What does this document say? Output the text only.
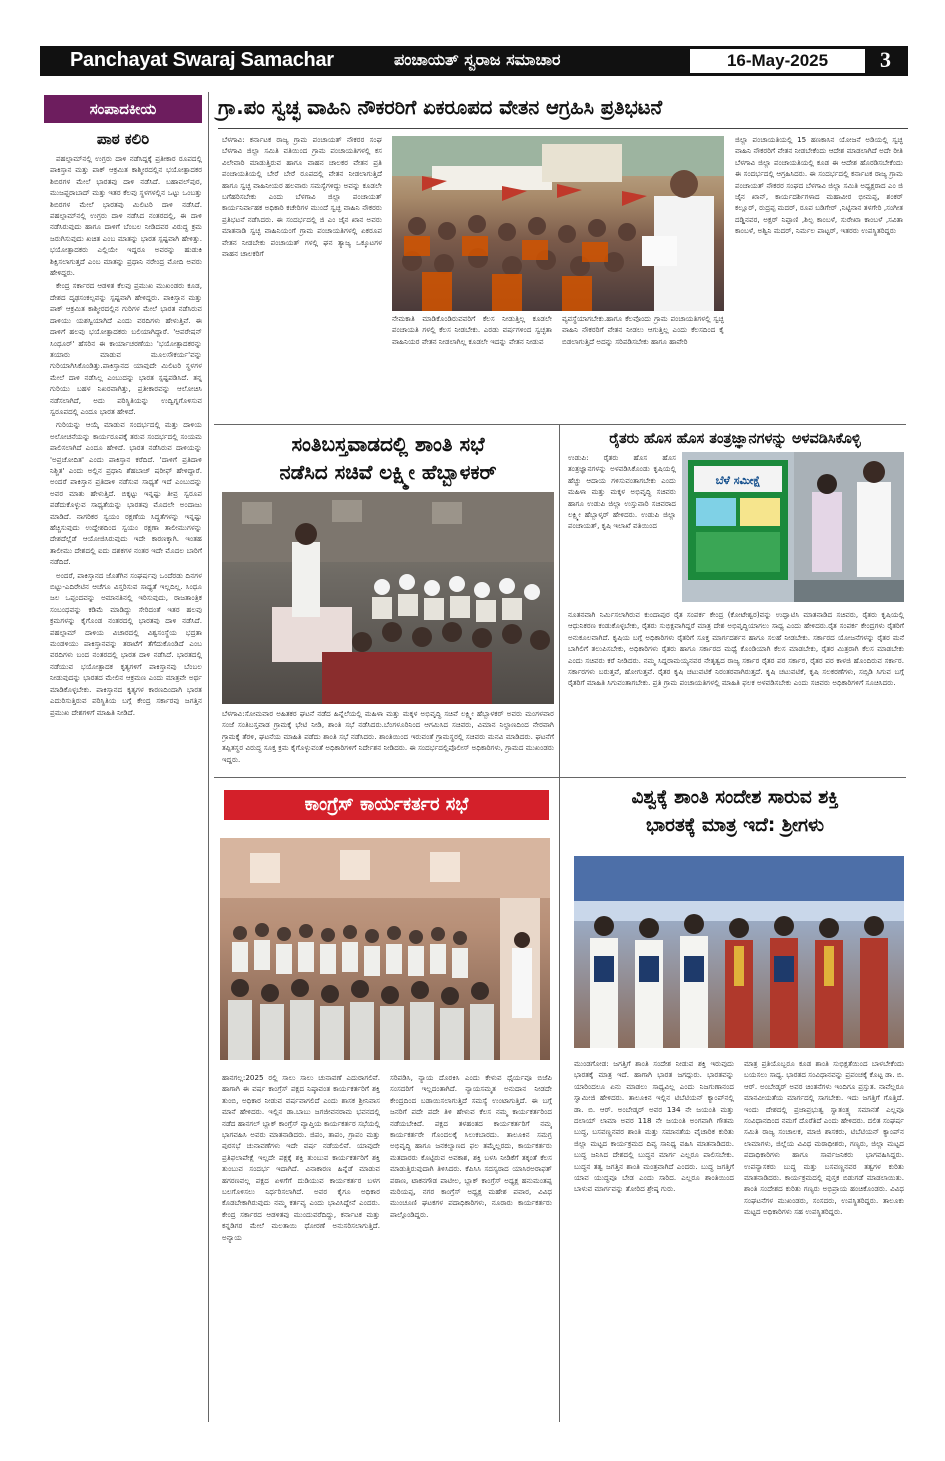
Panchayat Swaraj Samachar	ಪಂಚಾಯತ್ ಸ್ವರಾಜ ಸಮಾಚಾರ	16-May-2025	3
ಸಂಪಾದಕೀಯ
ಪಾಠ ಕಲಿರಿ

ಪಹಲ್ಗಾಮ್‌ನಲ್ಲಿ ಉಗ್ರರು ದಾಳಿ ನಡೆಸಿದ್ದಕ್ಕೆ ಪ್ರತೀಕಾರ ರೂಪದಲ್ಲಿ ಪಾಕಿಸ್ತಾನ ಮತ್ತು ಪಾಕ್ ಆಕ್ರಮಿತ ಕಾಶ್ಮೀರದಲ್ಲಿನ ಭಯೋತ್ಪಾದಕರ ಶಿಬಿರಗಳ ಮೇಲೆ ಭಾರತವು ದಾಳಿ ನಡೆಸಿದೆ. ಬಹಾವಲ್‌ಪುರ, ಮುಜಫ್ಫರಾಬಾದ್ ಮತ್ತು ಇತರ ಕೆಲವು ಸ್ಥಳಗಳಲ್ಲಿನ ಒಟ್ಟು ಒಂಬತ್ತು ಶಿಬಿರಗಳ ಮೇಲೆ ಭಾರತವು ಮಿಲಿಟರಿ ದಾಳಿ ನಡೆಸಿದೆ. ಪಹಲ್ಗಾಮ್‌ನಲ್ಲಿ ಉಗ್ರರು ದಾಳಿ ನಡೆಸಿದ ನಂತರದಲ್ಲಿ, ಈ ದಾಳಿ ನಡೆಸಿರುವುದು ಹಾಗೂ ದಾಳಿಗೆ ಬೆಂಬಲ ನೀಡಿದವರ ವಿರುದ್ಧ ಕ್ರಮ ಜರುಗಿಸುವುದು ಖಚಿತ ಎಂಬ ಮಾತನ್ನು ಭಾರತ ಸ್ಪಷ್ಟವಾಗಿ ಹೇಳಿತ್ತು. ಭಯೋತ್ಪಾದಕರು ಎಲ್ಲಿಯೇ ಇದ್ದರೂ ಅವರನ್ನು ಹುಡುಕಿ ಶಿಕ್ಷಿಸಲಾಗುತ್ತದೆ ಎಂಬ ಮಾತನ್ನು ಪ್ರಧಾನಿ ನರೇಂದ್ರ ಮೋದಿ ಅವರು ಹೇಳಿದ್ದರು.

ಕೇಂದ್ರ ಸರ್ಕಾರದ ಆಡಳಿತ ಕೆಲವು ಪ್ರಮುಖ ಮುಖಂಡರು ಕೂಡ, ದೇಶದ ದೃಢಸಂಕಲ್ಪವನ್ನು ಸ್ಪಷ್ಟವಾಗಿ ಹೇಳಿದ್ದರು. ಪಾಕಿಸ್ತಾನ ಮತ್ತು ಪಾಕ್ ಆಕ್ರಮಿತ ಕಾಶ್ಮೀರದಲ್ಲಿನ ಗುರಿಗಳ ಮೇಲೆ ಭಾರತ ನಡೆಸಿರುವ ದಾಳಿಯು ಯಶಸ್ವಿಯಾಗಿದೆ ಎಂದು ವರದಿಗಳು ಹೇಳುತ್ತಿವೆ. ಈ ದಾಳಿಗೆ ಹಲವು ಭಯೋತ್ಪಾದಕರು ಬಲಿಯಾಗಿದ್ದಾರೆ. 'ಆಪರೇಷನ್ ಸಿಂಧೂರ್' ಹೆಸರಿನ ಈ ಕಾರ್ಯಾಚರಣೆಯು 'ಭಯೋತ್ಪಾದಕರನ್ನು ತಯಾರು ಮಾಡುವ ಮೂಲಸೌಕರ್ಯ'ವನ್ನು ಗುರಿಯಾಗಿಸಿಕೊಂಡಿತ್ತು.ಪಾಕಿಸ್ತಾನದ ಯಾವುದೇ ಮಿಲಿಟರಿ ಸ್ಥಳಗಳ ಮೇಲೆ ದಾಳಿ ನಡೆಸಿಲ್ಲ ಎಂಬುದನ್ನು ಭಾರತ ಸ್ಪಷ್ಟಪಡಿಸಿದೆ. ತನ್ನ ಗುರಿಯು ಬಹಳ ನಿಖರವಾಗಿತ್ತು, ಪ್ರತೀಕಾರವನ್ನು ಆಲೋಚಿಸಿ ನಡೆಸಲಾಗಿದೆ, ಅದು ಪರಿಸ್ಥಿತಿಯನ್ನು ಉದ್ವಿಗ್ನಗೊಳಿಸುವ ಸ್ವರೂಪದಲ್ಲಿ ಎಂದೂ ಭಾರತ ಹೇಳಿದೆ.

ಗುರಿಯನ್ನು ಆಯ್ಕೆ ಮಾಡುವ ಸಂದರ್ಭದಲ್ಲಿ ಮತ್ತು ದಾಳಿಯ ಅಲೋಚನೆಯನ್ನು ಕಾರ್ಯರೂಪಕ್ಕೆ ತರುವ ಸಂದರ್ಭದಲ್ಲಿ ಸಂಯಮ ಪಾಲಿಸಲಾಗಿದೆ ಎಂದೂ ಹೇಳಿದೆ. ಭಾರತ ನಡೆಸಿರುವ ದಾಳಿಯನ್ನು 'ಅಪ್ರಚೋದಿತ' ಎಂದು ಪಾಕಿಸ್ತಾನ ಕರೆದಿದೆ. 'ದಾಳಿಗೆ ಪ್ರತಿದಾಳಿ ನಿಶ್ಚಿತ' ಎಂದು ಅಲ್ಲಿನ ಪ್ರಧಾನಿ ಶೆಹಬಾಜ್ ಷರೀಫ್ ಹೇಳಿದ್ದಾರೆ. ಅಂದರೆ ಪಾಕಿಸ್ತಾನ ಪ್ರತಿದಾಳಿ ನಡೆಸುವ ಸಾಧ್ಯತೆ ಇದೆ ಎಂಬುದನ್ನು ಅವರ ಮಾತು ಹೇಳುತ್ತಿದೆ. ಬಿಕ್ಕಟ್ಟು ಇನ್ನಷ್ಟು ತೀವ್ರ ಸ್ವರೂಪ ಪಡೆದುಕೊಳ್ಳುವ ಸಾಧ್ಯತೆಯನ್ನು ಭಾರತವು ಮೊದಲೇ ಅಂದಾಜು ಮಾಡಿದೆ. ನಾಗರಿಕರ ಸ್ವಯಂ ರಕ್ಷಣೆಯ ಸಿದ್ಧತೆಗಳನ್ನು ಇನ್ನಷ್ಟು ಹೆಚ್ಚಿಸುವುದು ಉದ್ದೇಶದಿಂದ ಸ್ವಯಂ ರಕ್ಷಣಾ ತಾಲೀಮುಗಳನ್ನು ದೇಶದೆಲ್ಲೆಡೆ ಆಯೋಜಿಸಿರುವುದು ಇದೇ ಕಾರಣಕ್ಕಾಗಿ. ಇಂತಹ ತಾಲೀಮು ದೇಶದಲ್ಲಿ ಐದು ದಶಕಗಳ ನಂತರ ಇದೇ ಮೊದಲ ಬಾರಿಗೆ ನಡೆದಿದೆ.

ಅಂದರೆ, ಪಾಕಿಸ್ತಾನದ ಜೊತೆಗಿನ ಸಂಘರ್ಷವು ಒಂದೆರಡು ದಿನಗಳ ಬಿಟ್ಟು-ಎದಿರೇಟಿನ ಆಚೆಗೂ ವಿಸ್ತರಿಸುವ ಸಾಧ್ಯತೆ ಇಲ್ಲದಿಲ್ಲ. ಸಿಂಧೂ ಜಲ ಒಪ್ಪಂದವನ್ನು ಅಮಾನತಿನಲ್ಲಿ ಇರಿಸುವುದು, ರಾಜತಾಂತ್ರಿಕ ಸಂಬಂಧವನ್ನು ಕಡಿಮೆ ಮಾಡಿದ್ದು ಸೇರಿದಂತೆ ಇತರ ಹಲವು ಕ್ರಮಗಳನ್ನು ಕೈಗೊಂಡ ನಂತರದಲ್ಲಿ ಭಾರತವು ದಾಳಿ ನಡೆಸಿದೆ. ಪಹಲ್ಗಾಮ್ ದಾಳಿಯ ವಿಚಾರದಲ್ಲಿ ವಿಶ್ವಸಂಸ್ಥೆಯ ಭದ್ರತಾ ಮಂಡಳಿಯು ಪಾಕಿಸ್ತಾನವನ್ನು ತರಾಟೆಗೆ ತೆಗೆದುಕೊಂಡಿದೆ ಎಂಬ ವರದಿಗಳು ಬಂದ ನಂತರದಲ್ಲಿ ಭಾರತ ದಾಳಿ ನಡೆಸಿದೆ. ಭಾರತದಲ್ಲಿ ನಡೆಯುವ ಭಯೋತ್ಪಾದಕ ಕೃತ್ಯಗಳಿಗೆ ಪಾಕಿಸ್ತಾನವು ಬೆಂಬಲ ನೀಡುವುದನ್ನು ಭಾರತದ ಮೇಲಿನ ಆಕ್ರಮಣ ಎಂದು ಮಾತ್ರವೇ ಅರ್ಥ ಮಾಡಿಕೊಳ್ಳಬೇಕು. ಪಾಕಿಸ್ತಾನದ ಕೃತ್ಯಗಳ ಕಾರಣದಿಂದಾಗಿ ಭಾರತ ಎದುರಿಸುತ್ತಿರುವ ಪರಿಸ್ಥಿತಿಯ ಬಗ್ಗೆ ಕೇಂದ್ರ ಸರ್ಕಾರವು ಜಗತ್ತಿನ ಪ್ರಮುಖ ದೇಶಗಳಿಗೆ ಮಾಹಿತಿ ನೀಡಿದೆ.

ಗ್ರಾ.ಪಂ ಸ್ವಚ್ಛ ವಾಹಿನಿ ನೌಕರರಿಗೆ ಏಕರೂಪದ ವೇತನ ಆಗ್ರಹಿಸಿ ಪ್ರತಿಭಟನೆ
ಬೆಳಗಾವಿ: ಕರ್ನಾಟಕ ರಾಜ್ಯ ಗ್ರಾಮ ಪಂಚಾಯತ್ ನೌಕರರ ಸಂಘ ಬೆಳಗಾವಿ ಜಿಲ್ಲಾ ಸಮಿತಿ ವತಿಯಿಂದ ಗ್ರಾಮ ಪಂಚಾಯತಿಗಳಲ್ಲಿ ಕಸ ವಿಲೇವಾರಿ ಮಾಡುತ್ತಿರುವ ಹಾಗೂ ವಾಹನ ಚಾಲಕರ ವೇತನ ಪ್ರತಿ ಪಂಚಾಯತಿಯಲ್ಲಿ ಬೇರೆ ಬೇರೆ ರೂಪದಲ್ಲಿ ವೇತನ ನೀಡಲಾಗುತ್ತಿದೆ ಹಾಗೂ ಸ್ವಚ್ಛ ವಾಹಿನೀಯರ ಹಲವಾರು ಸಮಸ್ಯೆಗಳಿದ್ದು ಅವನ್ನು ಕೂಡಲೇ ಬಗೆಹರಿಸಬೇಕು ಎಂದು ಬೆಳಗಾವಿ ಜಿಲ್ಲಾ ಪಂಚಾಯತ್ ಕಾರ್ಯನಿರ್ವಾಹಕ ಅಧಿಕಾರಿ ಕಚೇರಿಗಳ ಮುಂದೆ ಸ್ವಚ್ಛ ವಾಹಿನಿ ನೌಕರರು ಪ್ರತಿಭಟನೆ ನಡೆಸಿದರು. ಈ ಸಂದರ್ಭದಲ್ಲಿ ಜಿ ಎಂ ಜೈನ ಖಾನ ಅವರು ಮಾತನಾಡಿ ಸ್ವಚ್ಛ ವಾಹಿನಿಯಂಗೆ ಗ್ರಾಮ ಪಂಚಾಯತಿಗಳಲ್ಲಿ ಏಕರೂಪ ವೇತನ ನೀಡಬೇಕು ಪಂಚಾಯತ್ ಗಳಲ್ಲಿ ಘನ ತ್ಯಾಜ್ಯ ಒಕ್ಕೂಟಗಳ ವಾಹನ ಚಾಲಕರಿಗೆ
ನೇಮಕಾತಿ ಮಾಡಿಕೊಂಡಿರುವವರಿಗೆ ಕೆಲಸ ನೀಡುತ್ತಿಲ್ಲ ಕೂಡಲೇ ಪಂಚಾಯತಿ ಗಳಲ್ಲಿ ಕೆಲಸ ನೀಡಬೇಕು. ಎರಡು ವರ್ಷಗಳಿಂದ ಸ್ವಚ್ಛತಾ ವಾಹಿನಿಯರ ವೇತನ ನೀಡಲಾಗಿಲ್ಲ ಕೂಡಲೇ ಇದನ್ನು ವೇತನ ನೀಡುವ
ವ್ಯವಸ್ಥೆಯಾಗಬೇಕು.ಹಾಗೂ ಕೆಲವೊಂದು ಗ್ರಾಮ ಪಂಚಾಯತಿಗಳಲ್ಲಿ ಸ್ವಚ್ಛ ವಾಹಿನಿ ನೌಕರರಿಗೆ ವೇತನ ನೀಡಲು ಆಗುತ್ತಿಲ್ಲ ಎಂದು ಕೆಲಸದಿಂದ ಕೈ ಬಿಡಲಾಗುತ್ತಿದೆ ಅದನ್ನು ಸರಿಪಡಿಸಬೇಕು ಹಾಗೂ ಹಾವೇರಿ
ಜಿಲ್ಲಾ ಪಂಚಾಯತಿಯಲ್ಲಿ 15 ಹಣಕಾಸಿನ ಯೋಜನೆ ಅಡಿಯಲ್ಲಿ ಸ್ವಚ್ಛ ವಾಹಿನಿ ನೌಕರರಿಗೆ ವೇತನ ನೀಡಬೇಕೆಂದು ಆದೇಶ ಮಾಡಲಾಗಿದೆ ಅದೇ ರೀತಿ ಬೆಳಗಾವಿ ಜಿಲ್ಲಾ ಪಂಚಾಯತಿಯಲ್ಲಿ ಕೂಡ ಈ ಆದೇಶ ಹೊರಡಿಸಬೇಕೆಂದು ಈ ಸಂದರ್ಭದಲ್ಲಿ ಆಗ್ರಹಿಸಿದರು. ಈ ಸಂದರ್ಭದಲ್ಲಿ ಕರ್ನಾಟಕ ರಾಜ್ಯ ಗ್ರಾಮ ಪಂಚಾಯತ್ ನೌಕರರ ಸಂಘದ ಬೆಳಗಾವಿ ಜಿಲ್ಲಾ ಸಮಿತಿ ಅಧ್ಯಕ್ಷರಾದ ಎಂ ಜಿ ಜೈನ ಖಾನ್, ಕಾರ್ಯದರ್ಶಿಗಳಾದ ಮಹಾವೀರ ಭೀಮಪ್ಪ, ಶಂಕರ್ ಕಲ್ಲೂರ್, ರುದ್ರಪ್ಪ ಮದರ್, ರೂಪ ಬಡಿಗೇರ್ ,ನಿಟ್ಟಿನಾನ ತಳಗೇರಿ ,ಸಂಗೀತ ದಡ್ಡಿನವರ, ಅಕ್ಷರ್ ನಿಪ್ಪಾಣಿ ,ಶಿಲ್ಪ ಕಾಂಬಳೆ, ಸುರೇಖಾ ಕಾಂಬಳೆ ,ಸವಿತಾ ಕಾಂಬಳೆ, ಅಶ್ವಿನಿ ಮದರ್, ನಿರ್ಮಲ ಪಾಟ್ಟರ್, ಇತರರು ಉಪಸ್ಥಿತರಿದ್ದರು
ಸಂತಿಬಸ್ತವಾಡದಲ್ಲಿ ಶಾಂತಿ ಸಭೆ
ನಡೆಸಿದ ಸಚಿವೆ ಲಕ್ಷ್ಮೀ ಹೆಬ್ಬಾಳಕರ್
ಬೆಳಗಾವಿ:ಸೋಮವಾರ ಅಹಿತಕರ ಘಟನೆ ನಡೆದ ಹಿನ್ನೆಲೆಯಲ್ಲಿ ಮಹಿಳಾ ಮತ್ತು ಮಕ್ಕಳ ಅಭಿವೃದ್ಧಿ ಸಚಿವೆ ಲಕ್ಷ್ಮೀ ಹೆಬ್ಬಾಳಕರ್ ಅವರು ಮಂಗಳವಾರ ಸಂಜೆ ಸಂತಿಬಸ್ತವಾಡ ಗ್ರಾಮಕ್ಕೆ ಭೇಟಿ ನೀಡಿ, ಶಾಂತಿ ಸಭೆ ನಡೆಸಿದರು.ಬೆಂಗಳೂರಿನಿಂದ ಆಗಮಿಸಿದ ಸಚಿವರು, ವಿಮಾನ ನಿಲ್ದಾಣದಿಂದ ನೇರವಾಗಿ ಗ್ರಾಮಕ್ಕೆ ತೆರಳಿ, ಘಟನೆಯ ಮಾಹಿತಿ ಪಡೆದು ಶಾಂತಿ ಸಭೆ ನಡೆಸಿದರು. ಶಾಂತಿಯಿಂದ ಇರುವಂತೆ ಗ್ರಾಮಸ್ಥರಲ್ಲಿ ಸಚಿವರು ಮನವಿ ಮಾಡಿದರು. ಘಟನೆಗೆ ತಪ್ಪಿತಸ್ಥರ ವಿರುದ್ಧ ಸೂಕ್ತ ಕ್ರಮ ಕೈಗೊಳ್ಳುವಂತೆ ಅಧಿಕಾರಿಗಳಿಗೆ ನಿರ್ದೇಶನ ನೀಡಿದರು. ಈ ಸಂದರ್ಭದಲ್ಲಿಪೊಲೀಸ್ ಅಧಿಕಾರಿಗಳು, ಗ್ರಾಮದ ಮುಖಂಡರು ಇದ್ದರು.
ರೈತರು ಹೊಸ ಹೊಸ ತಂತ್ರಜ್ಞಾನಗಳನ್ನು ಅಳವಡಿಸಿಕೊಳ್ಳಿ
ಉಡುಪಿ: ರೈತರು ಹೊಸ ಹೊಸ ತಂತ್ರಜ್ಞಾನಗಳನ್ನು ಅಳವಡಿಸಿಕೊಂಡು ಕೃಷಿಯಲ್ಲಿ ಹೆಚ್ಚು ಆದಾಯ ಗಳಿಸುವಂತಾಗಬೇಕು ಎಂದು ಮಹಿಳಾ ಮತ್ತು ಮಕ್ಕಳ ಅಭಿವೃದ್ಧಿ ಸಚಿವರು ಹಾಗೂ ಉಡುಪಿ ಜಿಲ್ಲಾ ಉಸ್ತುವಾರಿ ಸಚಿವರಾದ ಲಕ್ಷ್ಮೀ ಹೆಬ್ಬಾಳ್ಕರ್ ಹೇಳಿದರು. ಉಡುಪಿ ಜಿಲ್ಲಾ ಪಂಚಾಯತ್, ಕೃಷಿ ಇಲಾಖೆ ವತಿಯಿಂದ
ಬೆಳೆ ಸಮೀಕ್ಷೆ
ನೂತನವಾಗಿ ನಿರ್ಮಿಸಲಾಗಿರುವ ಕುಂದಾಪುರ ರೈತ ಸಂಪರ್ಕ ಕೇಂದ್ರ (ಕೋಟೇಶ್ವರ)ವನ್ನು ಉದ್ಘಾಟಿಸಿ ಮಾತನಾಡಿದ ಸಚಿವರು, ರೈತರು ಕೃಷಿಯಲ್ಲಿ ಆಧುನಿಕರಣ ಕಂಡುಕೊಳ್ಳಬೇಕು, ರೈತರು ಸುಭಿಕ್ಷವಾಗಿದ್ದರೆ ಮಾತ್ರ ದೇಶ ಅಭಿವೃದ್ಧಿಯಾಗಲು ಸಾಧ್ಯ ಎಂದು ಹೇಳಿದರು.ರೈತ ಸಂಪರ್ಕ ಕೇಂದ್ರಗಳು ರೈತರಿಗೆ ಅನುಕೂಲವಾಗಿದೆ. ಕೃಷಿಯ ಬಗ್ಗೆ ಅಧಿಕಾರಿಗಳು ರೈತರಿಗೆ ಸೂಕ್ತ ಮಾರ್ಗದರ್ಶನ ಹಾಗೂ ಸಲಹೆ ನೀಡಬೇಕು. ಸರ್ಕಾರದ ಯೋಜನೆಗಳನ್ನು ರೈತರ ಮನೆ ಬಾಗಿಲಿಗೆ ತಲುಪಿಸಬೇಕು, ಅಧಿಕಾರಿಗಳು ರೈತರು ಹಾಗೂ ಸರ್ಕಾರದ ಮಧ್ಯೆ ಕೊಂಡಿಯಾಗಿ ಕೆಲಸ ಮಾಡಬೇಕು, ರೈತರ ಮಿತ್ರರಾಗಿ ಕೆಲಸ ಮಾಡಬೇಕು ಎಂದು ಸಚಿವರು ಕರೆ ನೀಡಿದರು. ನಮ್ಮ ಸಿದ್ದರಾಮಯ್ಯನವರ ನೇತೃತ್ವದ ರಾಜ್ಯ ಸರ್ಕಾರ ರೈತರ ಪರ ಸರ್ಕಾರ, ರೈತರ ಪರ ಕಾಳಜಿ ಹೊಂದಿರುವ ಸರ್ಕಾರ. ಸರ್ಕಾರಗಳು ಬರುತ್ತವೆ, ಹೋಗುತ್ತವೆ. ರೈತರ ಕೃಷಿ ಚಟುವಟಿಕೆ ನಿರಂತರವಾಗಿರುತ್ತದೆ. ಕೃಷಿ ಚಟುವಟಿಕೆ, ಕೃಷಿ ಸಲಕರಣೆಗಳು, ಸಬ್ಸಿಡಿ ಸಿಗುವ ಬಗ್ಗೆ ರೈತರಿಗೆ ಮಾಹಿತಿ ಸಿಗುವಂತಾಗಬೇಕು. ಪ್ರತಿ ಗ್ರಾಮ ಪಂಚಾಯತಿಗಳಲ್ಲಿ ಮಾಹಿತಿ ಫಲಕ ಅಳವಡಿಸಬೇಕು ಎಂದು ಸಚಿವರು ಅಧಿಕಾರಿಗಳಿಗೆ ಸೂಚಿಸಿದರು.
ಕಾಂಗ್ರೆಸ್ ಕಾರ್ಯಕರ್ತರ ಸಭೆ
ಹಾನಗಲ್ಲ:2025 ರಲ್ಲಿ ಸಾಲು ಸಾಲು ಚುನಾವಣೆ ಎದುರಾಗಲಿವೆ. ಹಾಗಾಗಿ ಈ ವರ್ಷ ಕಾಂಗ್ರೆಸ್ ಪಕ್ಷದ ನಿಷ್ಠಾವಂತ ಕಾರ್ಯಕರ್ತರಿಗೆ ಶಕ್ತಿ ತುಂಬಿ, ಅಧಿಕಾರ ನೀಡುವ ವರ್ಷವಾಗಲಿದೆ ಎಂದು ಶಾಸಕ ಶ್ರೀನಿವಾಸ ಮಾನೆ ಹೇಳಿದರು. ಇಲ್ಲಿನ ಡಾ.ಬಾಬು ಜಗಜೀವನರಾಮ ಭವನದಲ್ಲಿ ನಡೆದ ಹಾನಗಲ್ ಬ್ಲಾಕ್ ಕಾಂಗ್ರೆಸ್ ವ್ಯಾಪ್ತಿಯ ಕಾರ್ಯಕರ್ತರ ಸಭೆಯಲ್ಲಿ ಭಾಗವಹಿಸಿ ಅವರು ಮಾತನಾಡಿದರು. ಜಿಪಂ, ತಾಪಂ, ಗ್ರಾಪಂ ಮತ್ತು ಪುರಸಭೆ ಚುನಾವಣೆಗಳು ಇದೇ ವರ್ಷ ನಡೆಯಲಿವೆ. ಯಾವುದೇ ಪ್ರತಿಫಲಾಪೇಕ್ಷೆ ಇಲ್ಲದೇ ಪಕ್ಷಕ್ಕೆ ಶಕ್ತಿ ತುಂಬುವ ಕಾರ್ಯಕರ್ತರಿಗೆ ಶಕ್ತಿ ತುಂಬುವ ಸಂದರ್ಭ ಇದಾಗಿದೆ. ವಿನಾಕಾರಣ ಹಿನ್ನೆಡೆ ಮಾಡುವ ಹಗರಣವಲ್ಲ ಪಕ್ಷದ ಏಳಿಗೆಗೆ ದುಡಿಯುವ ಕಾರ್ಯಕರ್ತರ ಬಳಗ ಬಲಗೊಳಿಸಲು ನಿರ್ಧರಿಸಲಾಗಿದೆ. ಅವರ ಕೈಗೂ ಅಧಿಕಾರ ಕೊಡಬೇಕಾಗಿರುವುದು ನಮ್ಮ ಕರ್ತವ್ಯ ಎಂದು ಭಾವಿಸಿದ್ದೇನೆ ಎಂದರು. ಕೇಂದ್ರ ಸರ್ಕಾರದ ಆಡಳಿತವು ಮುಂದುವರೆದಿದ್ದು, ಕರ್ನಾಟಕ ಮತ್ತು ಕನ್ನಡಿಗರ ಮೇಲೆ ಮಲತಾಯಿ ಧೋರಣೆ ಅನುಸರಿಸಲಾಗುತ್ತಿದೆ. ಅನ್ಯಾಯ
ಸರಿಪಡಿಸಿ, ನ್ಯಾಯ ದೊರಕಿಸಿ ಎಂದು ಕೇಳುವ ಧೈರ್ಯವೂ ಬಿಜೆಪಿ ಸಂಸದರಿಗೆ ಇಲ್ಲದಂತಾಗಿದೆ. ನ್ಯಾಯಸಮ್ಮತ ಅನುದಾನ ನೀಡದೇ ಕೇಂದ್ರದಿಂದ ಬಡಾಯಿಸಲಾಗುತ್ತಿದೆ ಸಮಸ್ಯೆ ಉಂಟಾಗುತ್ತಿದೆ. ಈ ಬಗ್ಗೆ ಜನರಿಗೆ ಪದೇ ಪದೇ ತಿಳಿ ಹೇಳುವ ಕೆಲಸ ನಮ್ಮ ಕಾರ್ಯಕರ್ತರಿಂದ ನಡೆಯಬೇಕಿದೆ. ಪಕ್ಷದ ತಳಹಂತದ ಕಾರ್ಯಕರ್ತರಿಗೆ ನಮ್ಮ ಕಾರ್ಯಕರ್ತರೇ ಗೊಂದಲಕ್ಕೆ ಸಿಲುಕಬಾರದು. ತಾಲೂಕಿನ ಸಮಗ್ರ ಅಭಿವೃದ್ಧಿ ಹಾಗೂ ಜನಕಲ್ಯಾಣದ ಫಲ ತಮ್ಮೆಲ್ಲರದು, ಕಾರ್ಯಕರ್ತರು ಮತದಾರರು ಕೊಟ್ಟಿರುವ ಅವಕಾಶ, ಶಕ್ತಿ ಬಳಸಿ ನೀಡಿಕೆಗೆ ತಕ್ಕಂತೆ ಕೆಲಸ ಮಾಡುತ್ತಿರುವುದಾಗಿ ತಿಳಿಸಿದರು. ಕೆಪಿಸಿಸಿ ಸದಸ್ಯರಾದ ಯಾಸಿರಅರಾಫತ್ ಪಠಾಣ, ಟಾಕನಗೌಡ ಪಾಟೀಲ, ಬ್ಲಾಕ್ ಕಾಂಗ್ರೆಸ್ ಅಧ್ಯಕ್ಷ ಹನುಮಂತಪ್ಪ ಮರಿಯಪ್ಪ, ನಗರ ಕಾಂಗ್ರೆಸ್ ಅಧ್ಯಕ್ಷ ಮಹೇಶ ಪವಾರ, ವಿವಿಧ ಮುಂಚೂಣಿ ಘಟಕಗಳ ಪದಾಧಿಕಾರಿಗಳು, ನೂರಾರು ಕಾರ್ಯಕರ್ತರು ಪಾಲ್ಗೊಂಡಿದ್ದರು.
ವಿಶ್ವಕ್ಕೆ ಶಾಂತಿ ಸಂದೇಶ ಸಾರುವ ಶಕ್ತಿ
ಭಾರತಕ್ಕೆ ಮಾತ್ರ ಇದೆ: ಶ್ರೀಗಳು
ಮುಂಡಗೋಡ: ಜಗತ್ತಿಗೆ ಶಾಂತಿ ಸಂದೇಶ ನೀಡುವ ಶಕ್ತಿ ಇರುವುದು ಭಾರತಕ್ಕೆ ಮಾತ್ರ ಇದೆ. ಹಾಗಾಗಿ ಭಾರತ ಜಗದ್ಗುರು. ಭಾರತವನ್ನು ಯಾರಿಂದಲೂ ಏನು ಮಾಡಲು ಸಾಧ್ಯವಿಲ್ಲ ಎಂದು ನಿಜಗುಣಾನಂದ ಸ್ವಾಮೀಜಿ ಹೇಳಿದರು. ತಾಲೂಕಿನ ಇಲ್ಲಿನ ಟಿಬೆಟಿಯನ್ ಕ್ಯಾಂಪ್‌ನಲ್ಲಿ ಡಾ. ಬಿ. ಆರ್. ಅಂಬೇಡ್ಕರ್ ಅವರ 134 ನೇ ಜಯಂತಿ ಮತ್ತು ದಲಾಯ್ ಲಾಮಾ ಅವರ 118 ನೇ ಜಯಂತಿ ಅಂಗವಾಗಿ ಗೌತಮ ಬುದ್ಧ, ಬಸವಣ್ಣನವರ ಶಾಂತಿ ಮತ್ತು ಸಮಾನತೆಯ ವೈಚಾರಿಕ ಕುರಿತು ಜಿಲ್ಲಾ ಮಟ್ಟದ ಕಾರ್ಯಕ್ರಮದ ದಿವ್ಯ ಸಾನಿಧ್ಯ ವಹಿಸಿ ಮಾತನಾಡಿದರು. ಬುದ್ಧ ಜನಿಸಿದ ದೇಶದಲ್ಲಿ ಬುದ್ಧನ ಮಾರ್ಗ ಎಲ್ಲರೂ ಪಾಲಿಸಬೇಕು. ಬುದ್ಧನ ತತ್ವ ಜಗತ್ತಿನ ಶಾಂತಿ ಮಂತ್ರವಾಗಿದೆ ಎಂದರು. ಬುದ್ಧ ಜಗತ್ತಿಗೆ ಯಾವ ಯುದ್ಧವೂ ಬೇಡ ಎಂದು ಸಾರಿದ. ಎಲ್ಲರೂ ಶಾಂತಿಯಿಂದ ಬಾಳುವ ಮಾರ್ಗವನ್ನು ತೋರಿದ ಶ್ರೇಷ್ಠ ಗುರು.
ಮಾತ್ರ ಪ್ರತಿಯೊಬ್ಬರೂ ಕೂಡ ಶಾಂತಿ ಸುಭಿಕ್ಷತೆಯಿಂದ ಬಾಳಬೇಕೆಂದು ಬಯಸಲು ಸಾಧ್ಯ. ಭಾರತದ ಸಂವಿಧಾನವನ್ನು ಪ್ರಪಂಚಕ್ಕೆ ಕೊಟ್ಟ ಡಾ. ಬಿ. ಆರ್. ಅಂಬೇಡ್ಕರ್ ಅವರ ಚಿಂತನೆಗಳು ಇಂದಿಗೂ ಪ್ರಸ್ತುತ. ನಾವೆಲ್ಲರೂ ಮಾನವೀಯತೆಯ ಮಾರ್ಗದಲ್ಲಿ ಸಾಗಬೇಕು. ಇದು ಜಗತ್ತಿಗೆ ಗೊತ್ತಿದೆ. ಇಂದು ದೇಶದಲ್ಲಿ ಪ್ರಜಾಪ್ರಭುತ್ವ ಸ್ವಾತಂತ್ರ್ಯ ಸಮಾನತೆ ಎಲ್ಲವೂ ಸಂವಿಧಾನದಿಂದ ನಮಗೆ ದೊರೆತಿದೆ ಎಂದು ಹೇಳಿದರು. ದಲಿತ ಸಂಘರ್ಷ ಸಮಿತಿ ರಾಜ್ಯ ಸಂಚಾಲಕ, ಮಾಜಿ ಶಾಸಕರು, ಟಿಬೆಟಿಯನ್ ಕ್ಯಾಂಪ್‌ನ ಲಾಮಾಗಳು, ಜಿಲ್ಲೆಯ ವಿವಿಧ ಮಠಾಧೀಶರು, ಗಣ್ಯರು, ಜಿಲ್ಲಾ ಮಟ್ಟದ ಪದಾಧಿಕಾರಿಗಳು ಹಾಗೂ ಸಾರ್ವಜನಿಕರು ಭಾಗವಹಿಸಿದ್ದರು. ಉಪನ್ಯಾಸಕರು ಬುದ್ಧ ಮತ್ತು ಬಸವಣ್ಣನವರ ತತ್ವಗಳ ಕುರಿತು ಮಾತನಾಡಿದರು. ಕಾರ್ಯಕ್ರಮದಲ್ಲಿ ಪುಸ್ತಕ ಬಿಡುಗಡೆ ಮಾಡಲಾಯಿತು. ಶಾಂತಿ ಸಂದೇಶದ ಕುರಿತು ಗಣ್ಯರು ಅಭಿಪ್ರಾಯ ಹಂಚಿಕೊಂಡರು. ವಿವಿಧ ಸಂಘಟನೆಗಳ ಮುಖಂಡರು, ಸಂಸದರು, ಉಪಸ್ಥಿತರಿದ್ದರು. ತಾಲೂಕು ಮಟ್ಟದ ಅಧಿಕಾರಿಗಳು ಸಹ ಉಪಸ್ಥಿತರಿದ್ದರು.
